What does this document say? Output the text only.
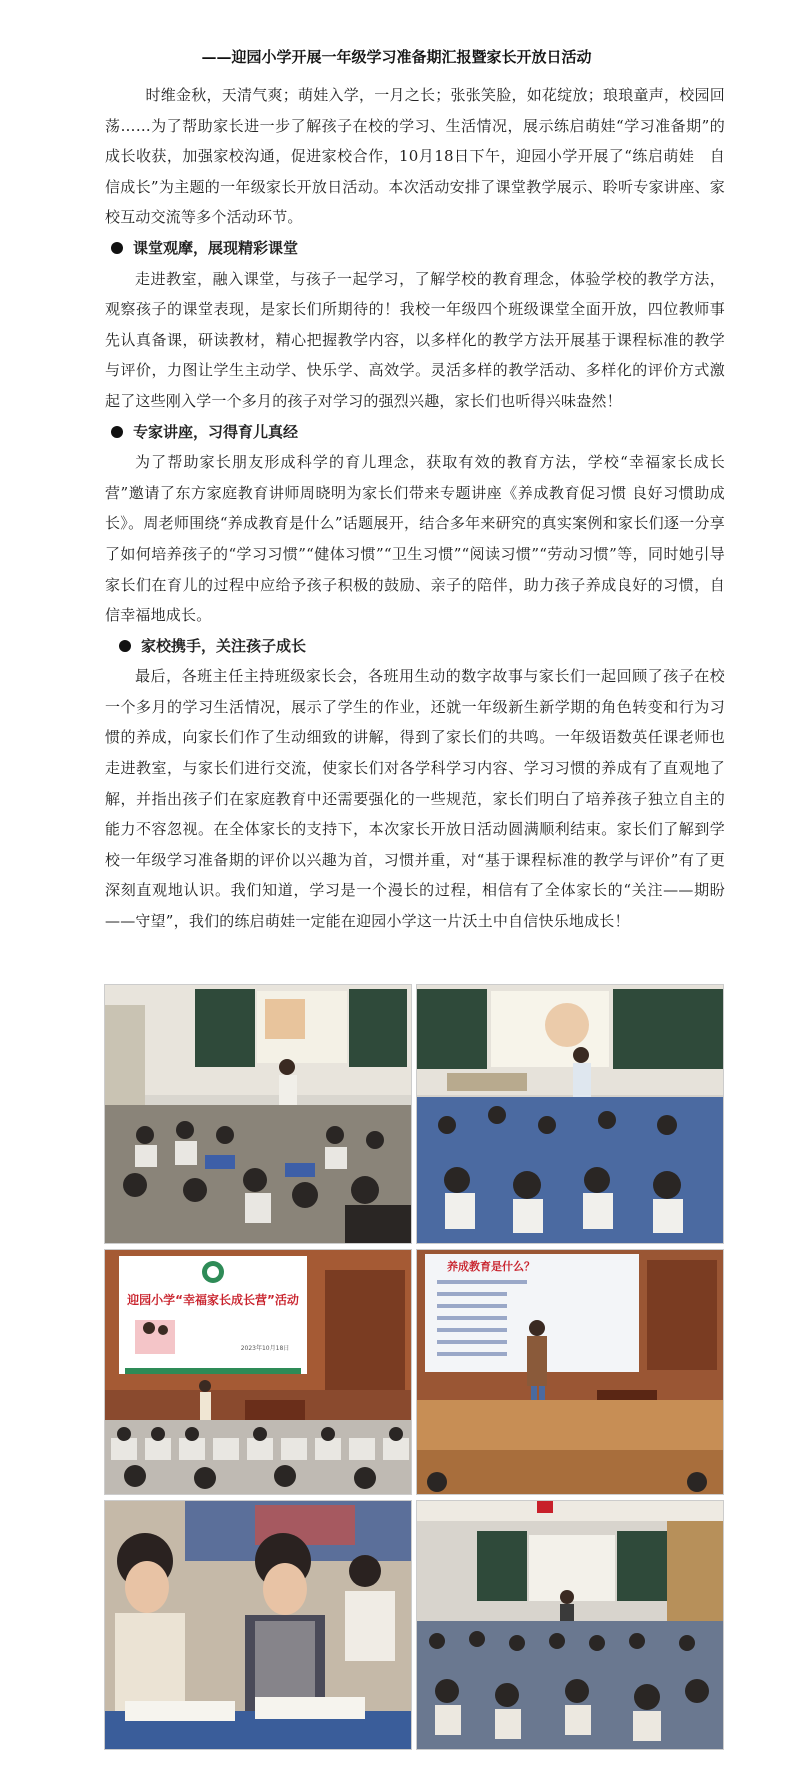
——迎园小学开展一年级学习准备期汇报暨家长开放日活动

时维金秋，天清气爽；萌娃入学，一月之长；张张笑脸，如花绽放；琅琅童声，校园回荡……为了帮助家长进一步了解孩子在校的学习、生活情况，展示练启萌娃“学习准备期”的成长收获，加强家校沟通，促进家校合作，10月18日下午，迎园小学开展了“练启萌娃　自信成长”为主题的一年级家长开放日活动。本次活动安排了课堂教学展示、聆听专家讲座、家校互动交流等多个活动环节。

课堂观摩，展现精彩课堂

走进教室，融入课堂，与孩子一起学习，了解学校的教育理念，体验学校的教学方法，观察孩子的课堂表现，是家长们所期待的！我校一年级四个班级课堂全面开放，四位教师事先认真备课，研读教材，精心把握教学内容，以多样化的教学方法开展基于课程标准的教学与评价，力图让学生主动学、快乐学、高效学。灵活多样的教学活动、多样化的评价方式激起了这些刚入学一个多月的孩子对学习的强烈兴趣，家长们也听得兴味盎然！

专家讲座，习得育儿真经

为了帮助家长朋友形成科学的育儿理念，获取有效的教育方法，学校“幸福家长成长营”邀请了东方家庭教育讲师周晓明为家长们带来专题讲座《养成教育促习惯 良好习惯助成长》。周老师围绕“养成教育是什么”话题展开，结合多年来研究的真实案例和家长们逐一分享了如何培养孩子的“学习习惯”“健体习惯”“卫生习惯”“阅读习惯”“劳动习惯”等，同时她引导家长们在育儿的过程中应给予孩子积极的鼓励、亲子的陪伴，助力孩子养成良好的习惯，自信幸福地成长。

家校携手，关注孩子成长

最后，各班主任主持班级家长会，各班用生动的数字故事与家长们一起回顾了孩子在校一个多月的学习生活情况，展示了学生的作业，还就一年级新生新学期的角色转变和行为习惯的养成，向家长们作了生动细致的讲解，得到了家长们的共鸣。一年级语数英任课老师也走进教室，与家长们进行交流，使家长们对各学科学习内容、学习习惯的养成有了直观地了解，并指出孩子们在家庭教育中还需要强化的一些规范，家长们明白了培养孩子独立自主的能力不容忽视。在全体家长的支持下，本次家长开放日活动圆满顺利结束。家长们了解到学校一年级学习准备期的评价以兴趣为首，习惯并重，对“基于课程标准的教学与评价”有了更深刻直观地认识。我们知道，学习是一个漫长的过程，相信有了全体家长的“关注——期盼——守望”，我们的练启萌娃一定能在迎园小学这一片沃土中自信快乐地成长！

迎园小学“幸福家长成长营”活动
2023年10月18日
养成教育是什么？
